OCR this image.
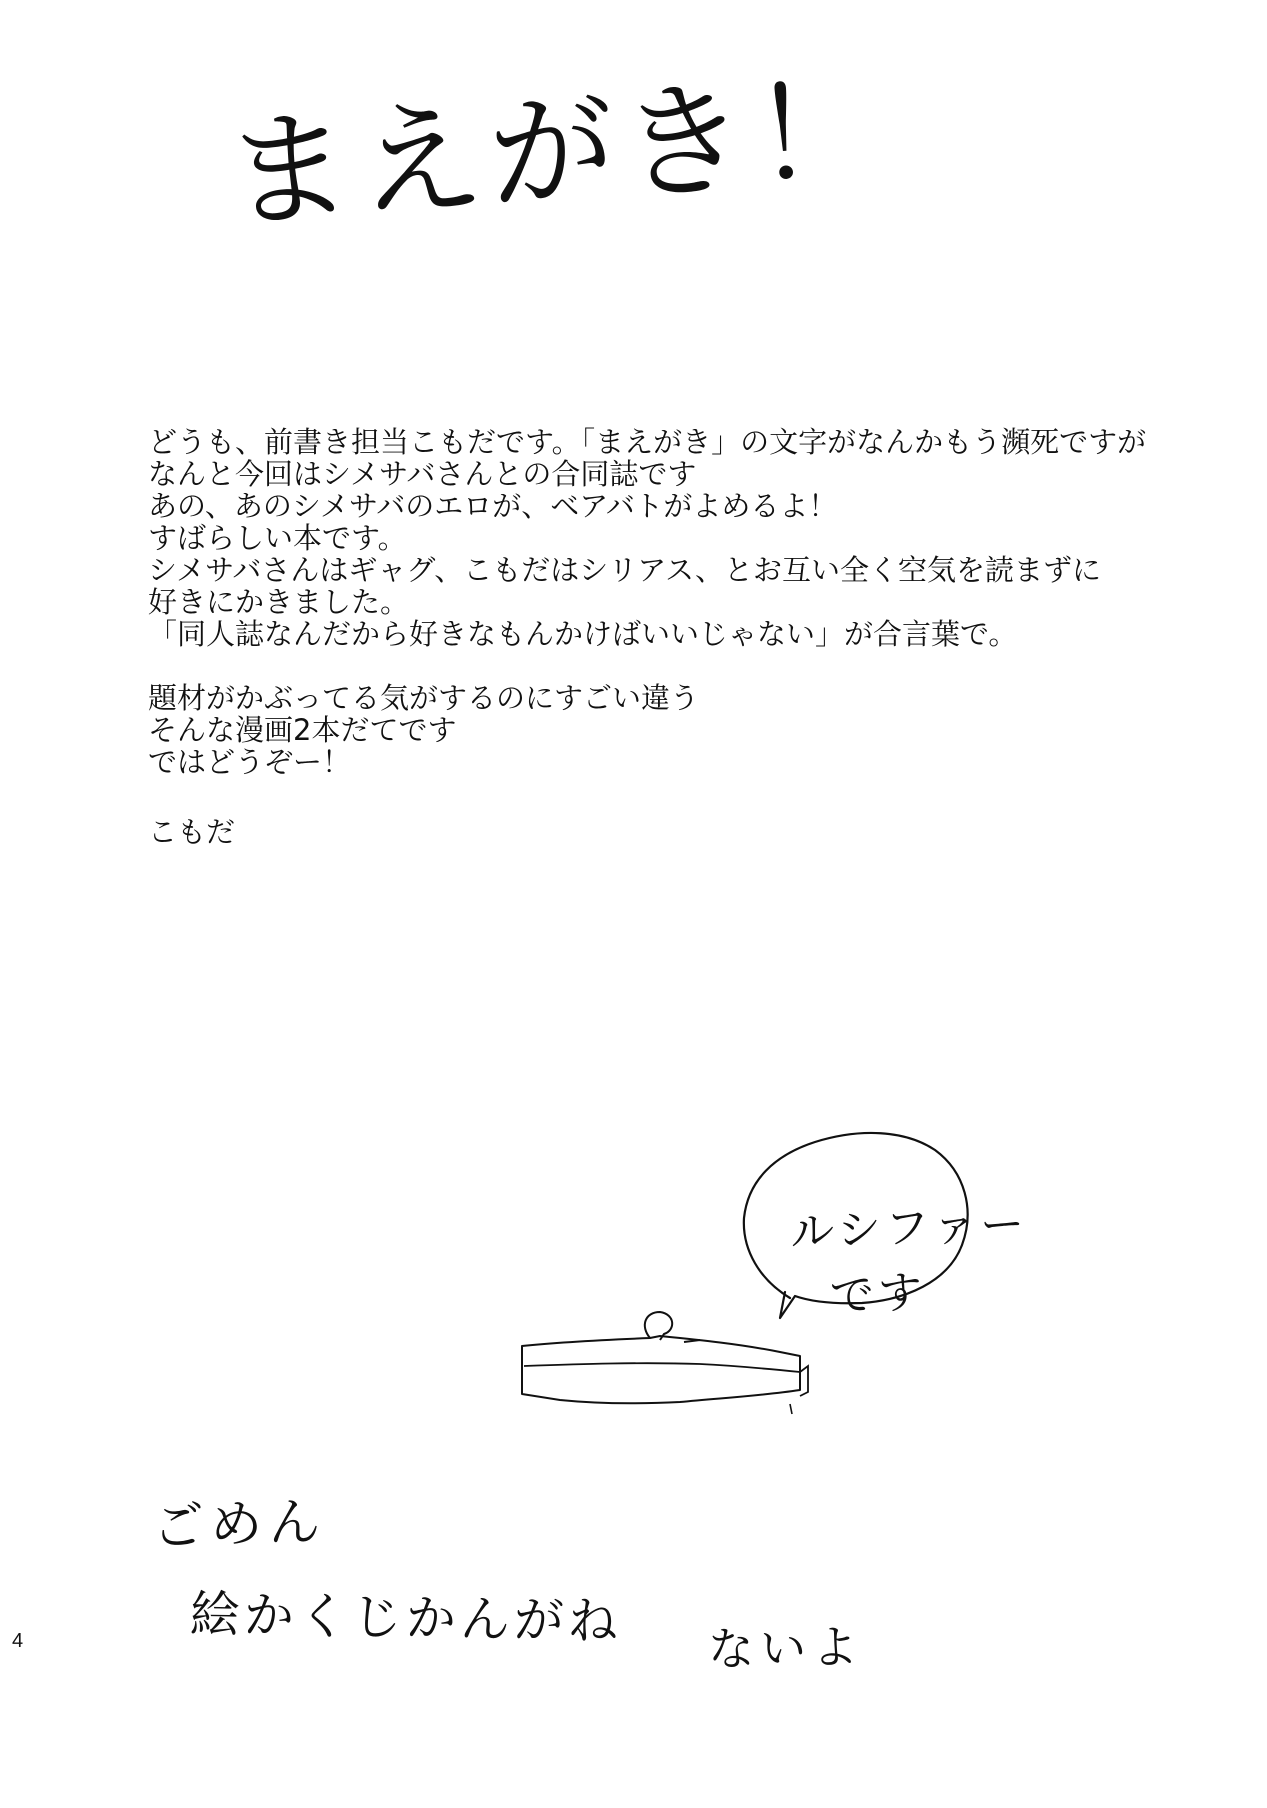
まえがき！
どうも、前書き担当こもだです。「まえがき」の文字がなんかもう瀕死ですが
なんと今回はシメサバさんとの合同誌です
あの、あのシメサバのエロが、ベアバトがよめるよ！
すばらしい本です。
シメサバさんはギャグ、こもだはシリアス、とお互い全く空気を読まずに
好きにかきました。
「同人誌なんだから好きなもんかけばいいじゃない」が合言葉で。
題材がかぶってる気がするのにすごい違う
そんな漫画2本だてです
ではどうぞー！
こもだ
ルシファー
です
ごめん
絵かくじかんがね ないよ
4
